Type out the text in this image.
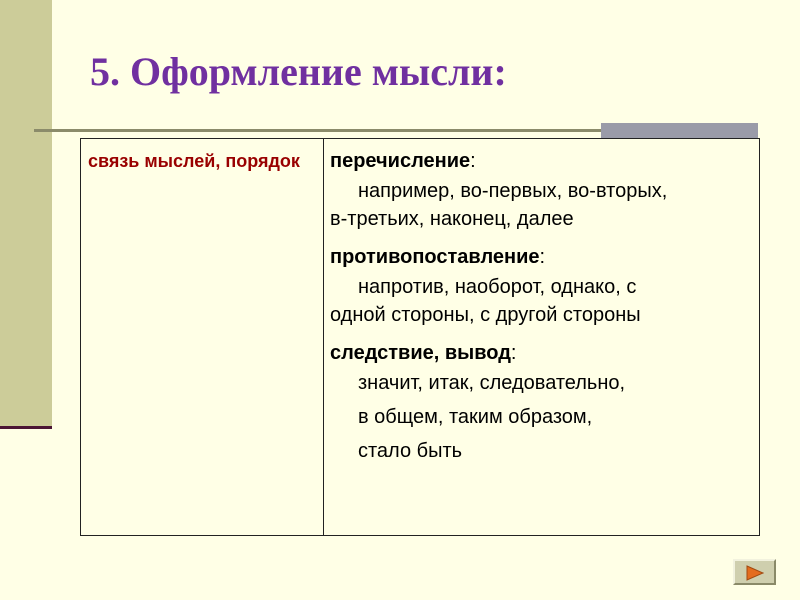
5. Оформление мысли:
связь мыслей, порядок	перечисление:
например, во-первых, во-вторых,
в-третьих, наконец, далее
противопоставление:
напротив, наоборот, однако, с
одной стороны, с другой стороны
следствие, вывод:
значит, итак, следовательно,
в общем, таким образом,
стало быть
